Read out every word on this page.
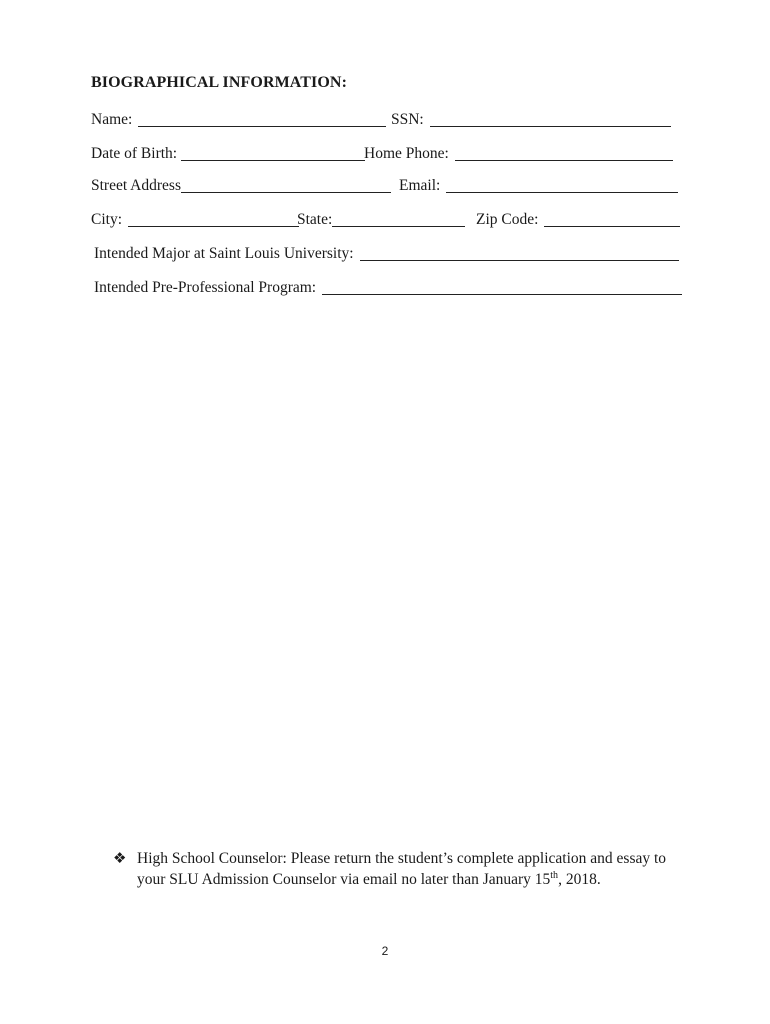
BIOGRAPHICAL INFORMATION:
Name:	SSN:
Date of Birth:	Home Phone:
Street Address	Email:
City:	State:	Zip Code:
Intended Major at Saint Louis University:
Intended Pre-Professional Program:
❖ High School Counselor: Please return the student’s complete application and essay to your SLU Admission Counselor via email no later than January 15th, 2018.
2
